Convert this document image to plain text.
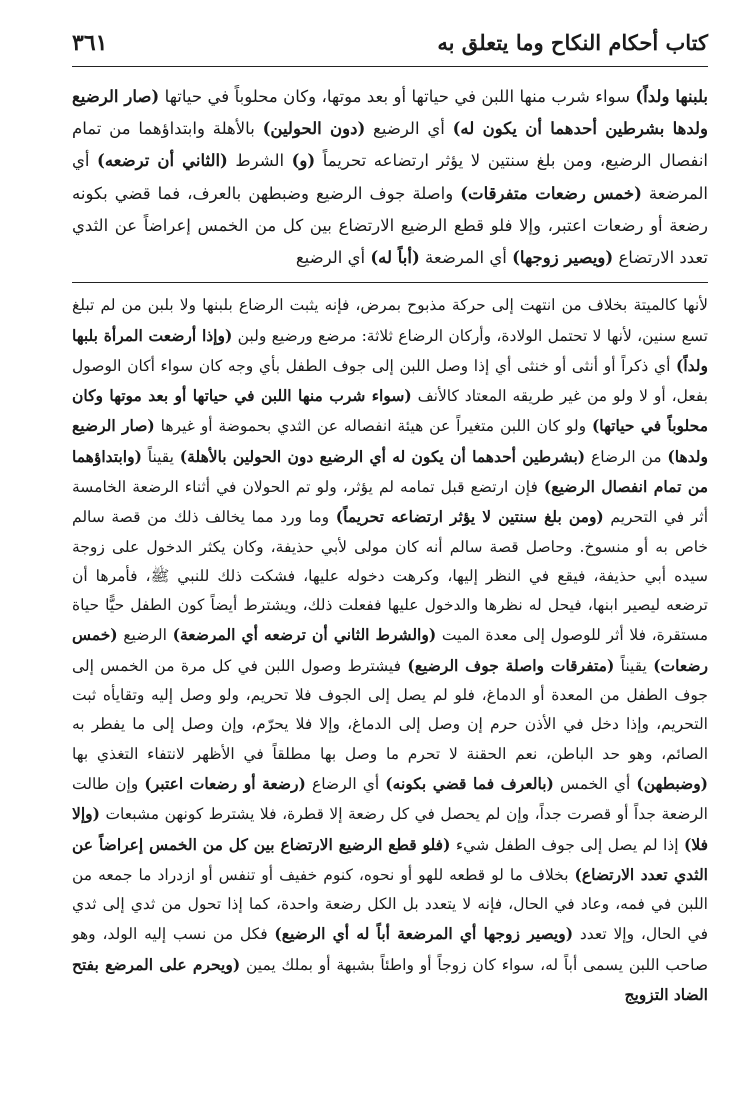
كتاب أحكام النكاح وما يتعلق به
٣٦١
بلبنها ولداً) سواء شرب منها اللبن في حياتها أو بعد موتها، وكان محلوباً في حياتها (صار الرضيع ولدها بشرطين أحدهما أن يكون له) أي الرضيع (دون الحولين) بالأهلة وابتداؤهما من تمام انفصال الرضيع، ومن بلغ سنتين لا يؤثر ارتضاعه تحريماً (و) الشرط (الثاني أن ترضعه) أي المرضعة (خمس رضعات متفرقات) واصلة جوف الرضيع وضبطهن بالعرف، فما قضي بكونه رضعة أو رضعات اعتبر، وإلا فلو قطع الرضيع الارتضاع بين كل من الخمس إعراضاً عن الثدي تعدد الارتضاع (ويصير زوجها) أي المرضعة (أباً له) أي الرضيع
لأنها كالميتة بخلاف من انتهت إلى حركة مذبوح بمرض، فإنه يثبت الرضاع بلبنها ولا بلبن من لم تبلغ تسع سنين، لأنها لا تحتمل الولادة، وأركان الرضاع ثلاثة: مرضع ورضيع ولبن (وإذا أرضعت المرأة بلبها ولداً) أي ذكراً أو أنثى أو خنثى أي إذا وصل اللبن إلى جوف الطفل بأي وجه كان سواء أكان الوصول بفعل، أو لا ولو من غير طريقه المعتاد كالأنف (سواء شرب منها اللبن في حياتها أو بعد موتها وكان محلوباً في حياتها) ولو كان اللبن متغيراً عن هيئة انفصاله عن الثدي بحموضة أو غيرها (صار الرضيع ولدها) من الرضاع (بشرطين أحدهما أن يكون له أي الرضيع دون الحولين بالأهلة) يقيناً (وابتداؤهما من تمام انفصال الرضيع) فإن ارتضع قبل تمامه لم يؤثر، ولو تم الحولان في أثناء الرضعة الخامسة أثر في التحريم (ومن بلغ سنتين لا يؤثر ارتضاعه تحريماً) وما ورد مما يخالف ذلك من قصة سالم خاص به أو منسوخ. وحاصل قصة سالم أنه كان مولى لأبي حذيفة، وكان يكثر الدخول على زوجة سيده أبي حذيفة، فيقع في النظر إليها، وكرهت دخوله عليها، فشكت ذلك للنبي ﷺ، فأمرها أن ترضعه ليصير ابنها، فيحل له نظرها والدخول عليها ففعلت ذلك، ويشترط أيضاً كون الطفل حيًّا حياة مستقرة، فلا أثر للوصول إلى معدة الميت (والشرط الثاني أن ترضعه أي المرضعة) الرضيع (خمس رضعات) يقيناً (متفرقات واصلة جوف الرضيع) فيشترط وصول اللبن في كل مرة من الخمس إلى جوف الطفل من المعدة أو الدماغ، فلو لم يصل إلى الجوف فلا تحريم، ولو وصل إليه وتقايأه ثبت التحريم، وإذا دخل في الأذن حرم إن وصل إلى الدماغ، وإلا فلا يحرّم، وإن وصل إلى ما يفطر به الصائم، وهو حد الباطن، نعم الحقنة لا تحرم ما وصل بها مطلقاً في الأظهر لانتفاء التغذي بها (وضبطهن) أي الخمس (بالعرف فما قضي بكونه) أي الرضاع (رضعة أو رضعات اعتبر) وإن طالت الرضعة جداً أو قصرت جداً، وإن لم يحصل في كل رضعة إلا قطرة، فلا يشترط كونهن مشبعات (وإلا فلا) إذا لم يصل إلى جوف الطفل شيء (فلو قطع الرضيع الارتضاع بين كل من الخمس إعراضاً عن الثدي تعدد الارتضاع) بخلاف ما لو قطعه للهو أو نحوه، كنوم خفيف أو تنفس أو ازدراد ما جمعه من اللبن في فمه، وعاد في الحال، فإنه لا يتعدد بل الكل رضعة واحدة، كما إذا تحول من ثدي إلى ثدي في الحال، وإلا تعدد (ويصير زوجها أي المرضعة أباً له أي الرضيع) فكل من نسب إليه الولد، وهو صاحب اللبن يسمى أباً له، سواء كان زوجاً أو واطئاً بشبهة أو بملك يمين (ويحرم على المرضع بفتح الضاد التزويج
